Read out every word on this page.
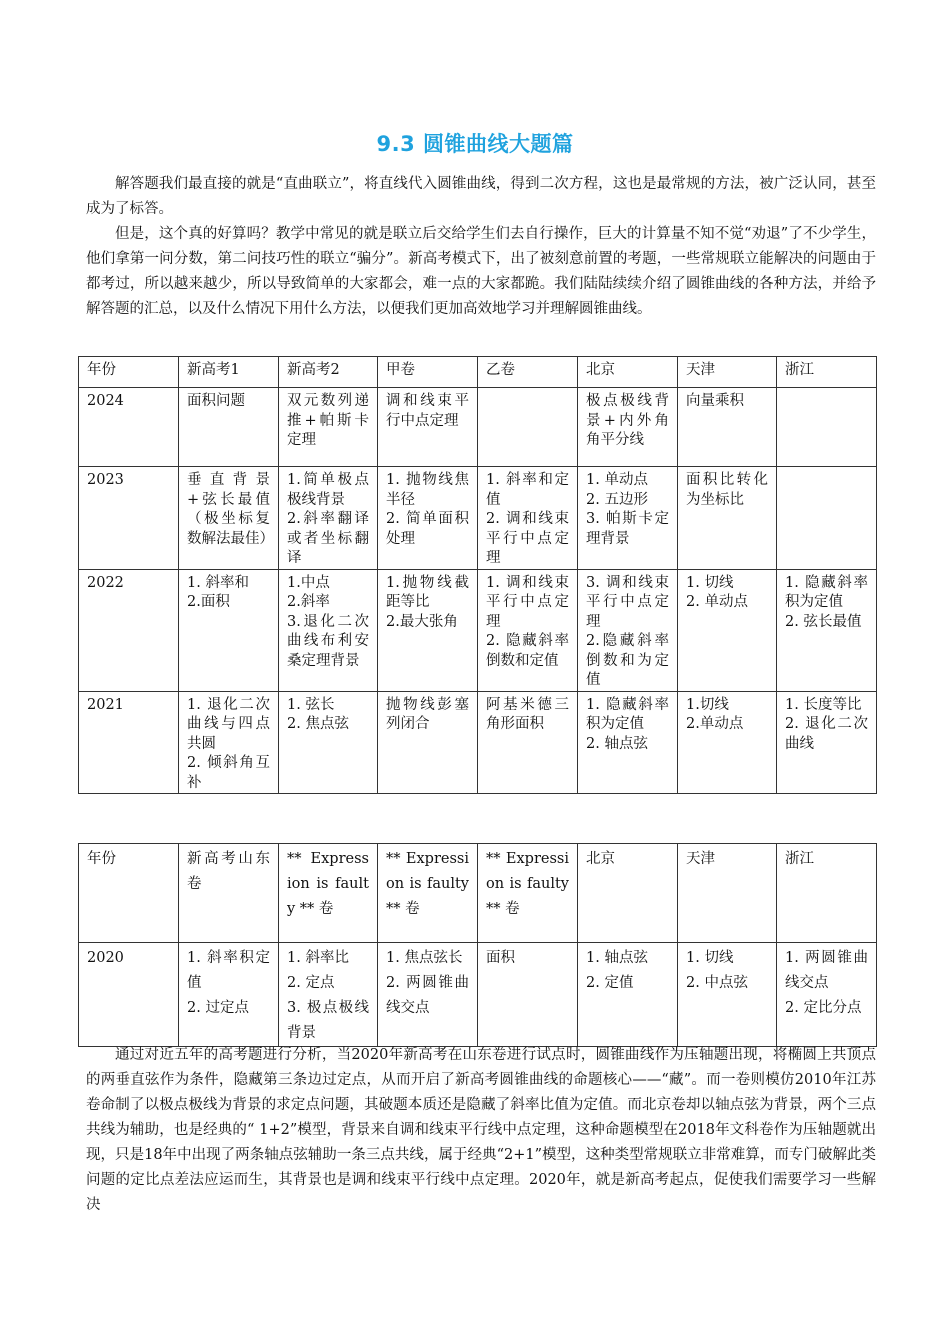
9.3 圆锥曲线大题篇

解答题我们最直接的就是“直曲联立”，将直线代入圆锥曲线，得到二次方程，这也是最常规的方法，被广泛认同，甚至成为了标答。

但是，这个真的好算吗？教学中常见的就是联立后交给学生们去自行操作，巨大的计算量不知不觉“劝退”了不少学生，他们拿第一问分数，第二问技巧性的联立“骗分”。新高考模式下，出了被刻意前置的考题，一些常规联立能解决的问题由于都考过，所以越来越少，所以导致简单的大家都会，难一点的大家都跪。我们陆陆续续介绍了圆锥曲线的各种方法，并给予解答题的汇总，以及什么情况下用什么方法，以便我们更加高效地学习并理解圆锥曲线。

年份	新高考1	新高考2	甲卷	乙卷	北京	天津	浙江
2024	面积问题	双元数列递推+帕斯卡定理	调和线束平行中点定理		极点极线背景+内外角角平分线	向量乘积	

2023	垂直背景+弦长最值（极坐标复数解法最佳）	1.简单极点极线背景
2.斜率翻译或者坐标翻译	1. 抛物线焦半径
2. 简单面积处理	1. 斜率和定值
2. 调和线束平行中点定理	1. 单动点
2. 五边形
3. 帕斯卡定理背景	面积比转化为坐标比	

2022	1. 斜率和
2.面积	1.中点
2.斜率
3.退化二次曲线布利安桑定理背景	1.抛物线截距等比
2.最大张角	1. 调和线束平行中点定理
2. 隐藏斜率倒数和定值	3. 调和线束平行中点定理
2.隐藏斜率倒数和为定值	1. 切线
2. 单动点	1. 隐藏斜率积为定值
2. 弦长最值

2021	1. 退化二次曲线与四点共圆
2. 倾斜角互补	1. 弦长
2. 焦点弦	抛物线彭塞列闭合	阿基米德三角形面积	1. 隐藏斜率积为定值
2. 轴点弦	1.切线
2.单动点	1. 长度等比
2. 退化二次曲线
年份	新高考山东卷	** Expression is faulty ** 卷	** Expression is faulty ** 卷	** Expression is faulty ** 卷	北京	天津	浙江
2020	1. 斜率积定值
2. 过定点	1. 斜率比
2. 定点
3. 极点极线背景	1. 焦点弦长
2. 两圆锥曲线交点	面积	1. 轴点弦
2. 定值	1. 切线
2. 中点弦	1. 两圆锥曲线交点
2. 定比分点

通过对近五年的高考题进行分析，当2020年新高考在山东卷进行试点时，圆锥曲线作为压轴题出现，将椭圆上共顶点的两垂直弦作为条件，隐藏第三条边过定点，从而开启了新高考圆锥曲线的命题核心——“藏”。而一卷则模仿2010年江苏卷命制了以极点极线为背景的求定点问题，其破题本质还是隐藏了斜率比值为定值。而北京卷却以轴点弦为背景，两个三点共线为辅助，也是经典的“ 1+2”模型，背景来自调和线束平行线中点定理，这种命题模型在2018年文科卷作为压轴题就出现，只是18年中出现了两条轴点弦辅助一条三点共线，属于经典“2+1”模型，这种类型常规联立非常难算，而专门破解此类问题的定比点差法应运而生，其背景也是调和线束平行线中点定理。2020年，就是新高考起点，促使我们需要学习一些解决
